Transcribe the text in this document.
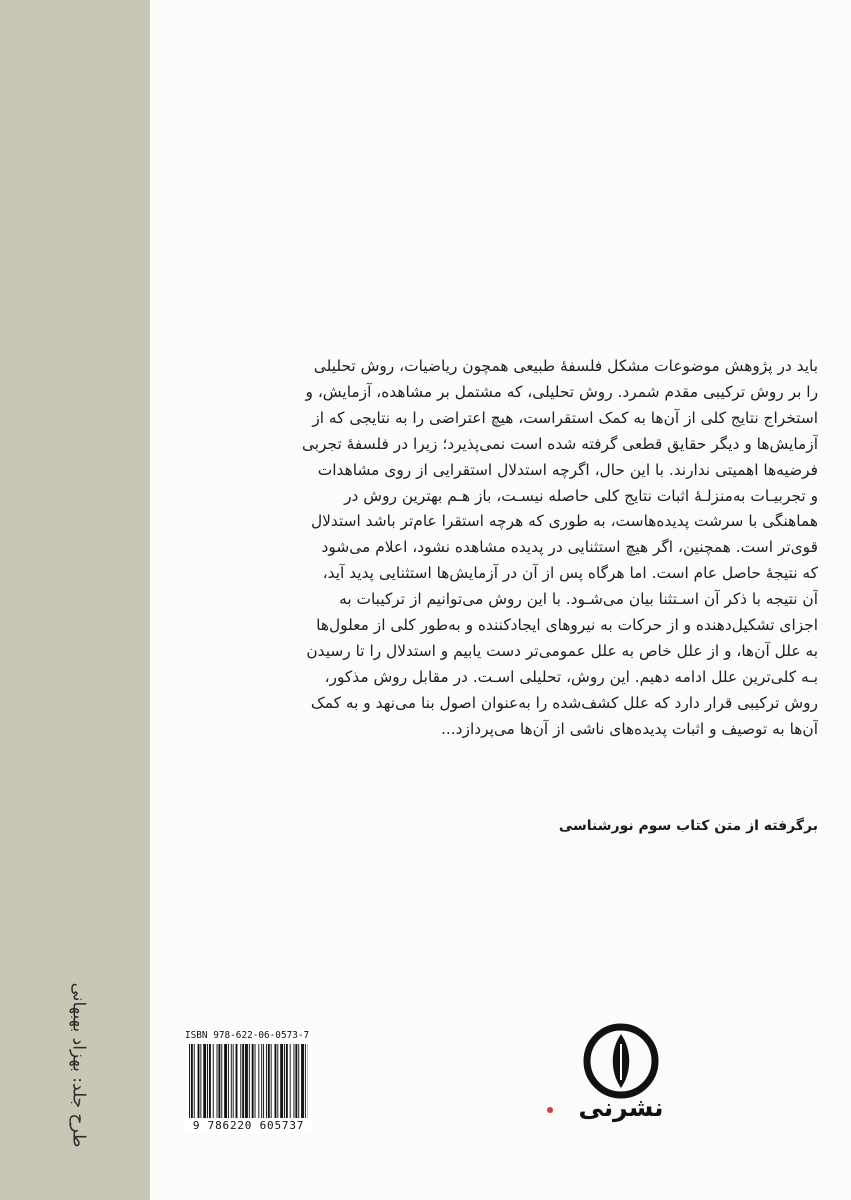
طرح جلد: بهزاد بهبهانی
باید در پژوهش موضوعات مشکل فلسفهٔ طبیعی همچون ریاضیات، روش تحلیلی
را بر روش ترکیبی مقدم شمرد. روش تحلیلی، که مشتمل بر مشاهده، آزمایش، و
استخراج نتایج کلی از آن‌ها به کمک استقراست، هیچ اعتراضی را به نتایجی که از
آزمایش‌ها و دیگر حقایق قطعی گرفته شده است نمی‌پذیرد؛ زیرا در فلسفهٔ تجربی
فرضیه‌ها اهمیتی ندارند. با این حال، اگرچه استدلال استقرایی از روی مشاهدات
و تجربیـات به‌منزلـهٔ اثبات نتایج کلی حاصله نیسـت، باز هـم بهترین روش در
هماهنگی با سرشت پدیده‌هاست، به طوری که هرچه استقرا عام‌تر باشد استدلال
قوی‌تر است. همچنین، اگر هیچ استثنایی در پدیده مشاهده نشود، اعلام می‌شود
که نتیجهٔ حاصل عام است. اما هرگاه پس از آن در آزمایش‌ها استثنایی پدید آید،
آن نتیجه با ذکر آن اسـتثنا بیان می‌شـود. با این روش می‌توانیم از ترکیبات به
اجزای تشکیل‌دهنده و از حرکات به نیروهای ایجادکننده و به‌طور کلی از معلول‌ها
به علل آن‌ها، و از علل خاص به علل عمومی‌تر دست یابیم و استدلال را تا رسیدن
بـه کلی‌ترین علل ادامه دهیم. این روش، تحلیلی اسـت. در مقابل روش مذکور،
روش ترکیبی قرار دارد که علل کشف‌شده را به‌عنوان اصول بنا می‌نهد و به کمک
آن‌ها به توصیف و اثبات پدیده‌های ناشی از آن‌ها می‌پردازد...
برگرفته از متن کتاب سوم نورشناسی
ISBN 978-622-06-0573-7
9 786220 605737
نشرنی
